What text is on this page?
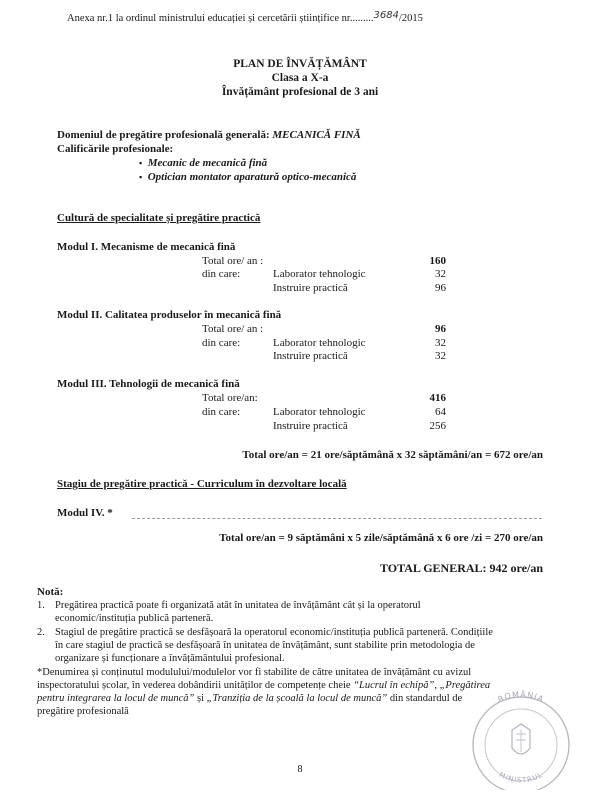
Anexa nr.1 la ordinul ministrului educației și cercetării științifice nr.........3684/2015
PLAN DE ÎNVĂȚĂMÂNT
Clasa a X-a
Învățământ profesional de 3 ani
Domeniul de pregătire profesională generală: MECANICĂ FINĂ
Calificările profesionale:
▪ Mecanic de mecanică fină
▪ Optician montator aparatură optico-mecanică
Cultură de specialitate și pregătire practică
Modul I. Mecanisme de mecanică fină
Total ore/ an :	160
din care:	Laborator tehnologic	32
Instruire practică	96
Modul II. Calitatea produselor în mecanică fină
Total ore/ an :	96
din care:	Laborator tehnologic	32
Instruire practică	32
Modul III. Tehnologii de mecanică fină
Total ore/an:	416
din care:	Laborator tehnologic	64
Instruire practică	256
Total ore/an = 21 ore/săptămână x 32 săptămâni/an = 672 ore/an
Stagiu de pregătire practică - Curriculum în dezvoltare locală
Modul IV. *
Total ore/an = 9 săptămâni x 5 zile/săptămână x 6 ore /zi = 270 ore/an
TOTAL GENERAL: 942 ore/an
Notă:
1. Pregătirea practică poate fi organizată atât în unitatea de învățământ cât și la operatorul
economic/instituția publică parteneră.
2. Stagiul de pregătire practică se desfășoară la operatorul economic/instituția publică parteneră. Condițiile
în care stagiul de practică se desfășoară în unitatea de învățământ, sunt stabilite prin metodologia de
organizare și funcționare a învățământului profesional.
*Denumirea și conținutul modulului/modulelor vor fi stabilite de către unitatea de învățământ cu avizul
inspectoratului școlar, în vederea dobândirii unităților de competențe cheie “Lucrul în echipă”, „Pregătirea
pentru integrarea la locul de muncă” și „Tranziția de la școală la locul de muncă” din standardul de
pregătire profesională
ROMÂNIA
MINISTRUL
8
